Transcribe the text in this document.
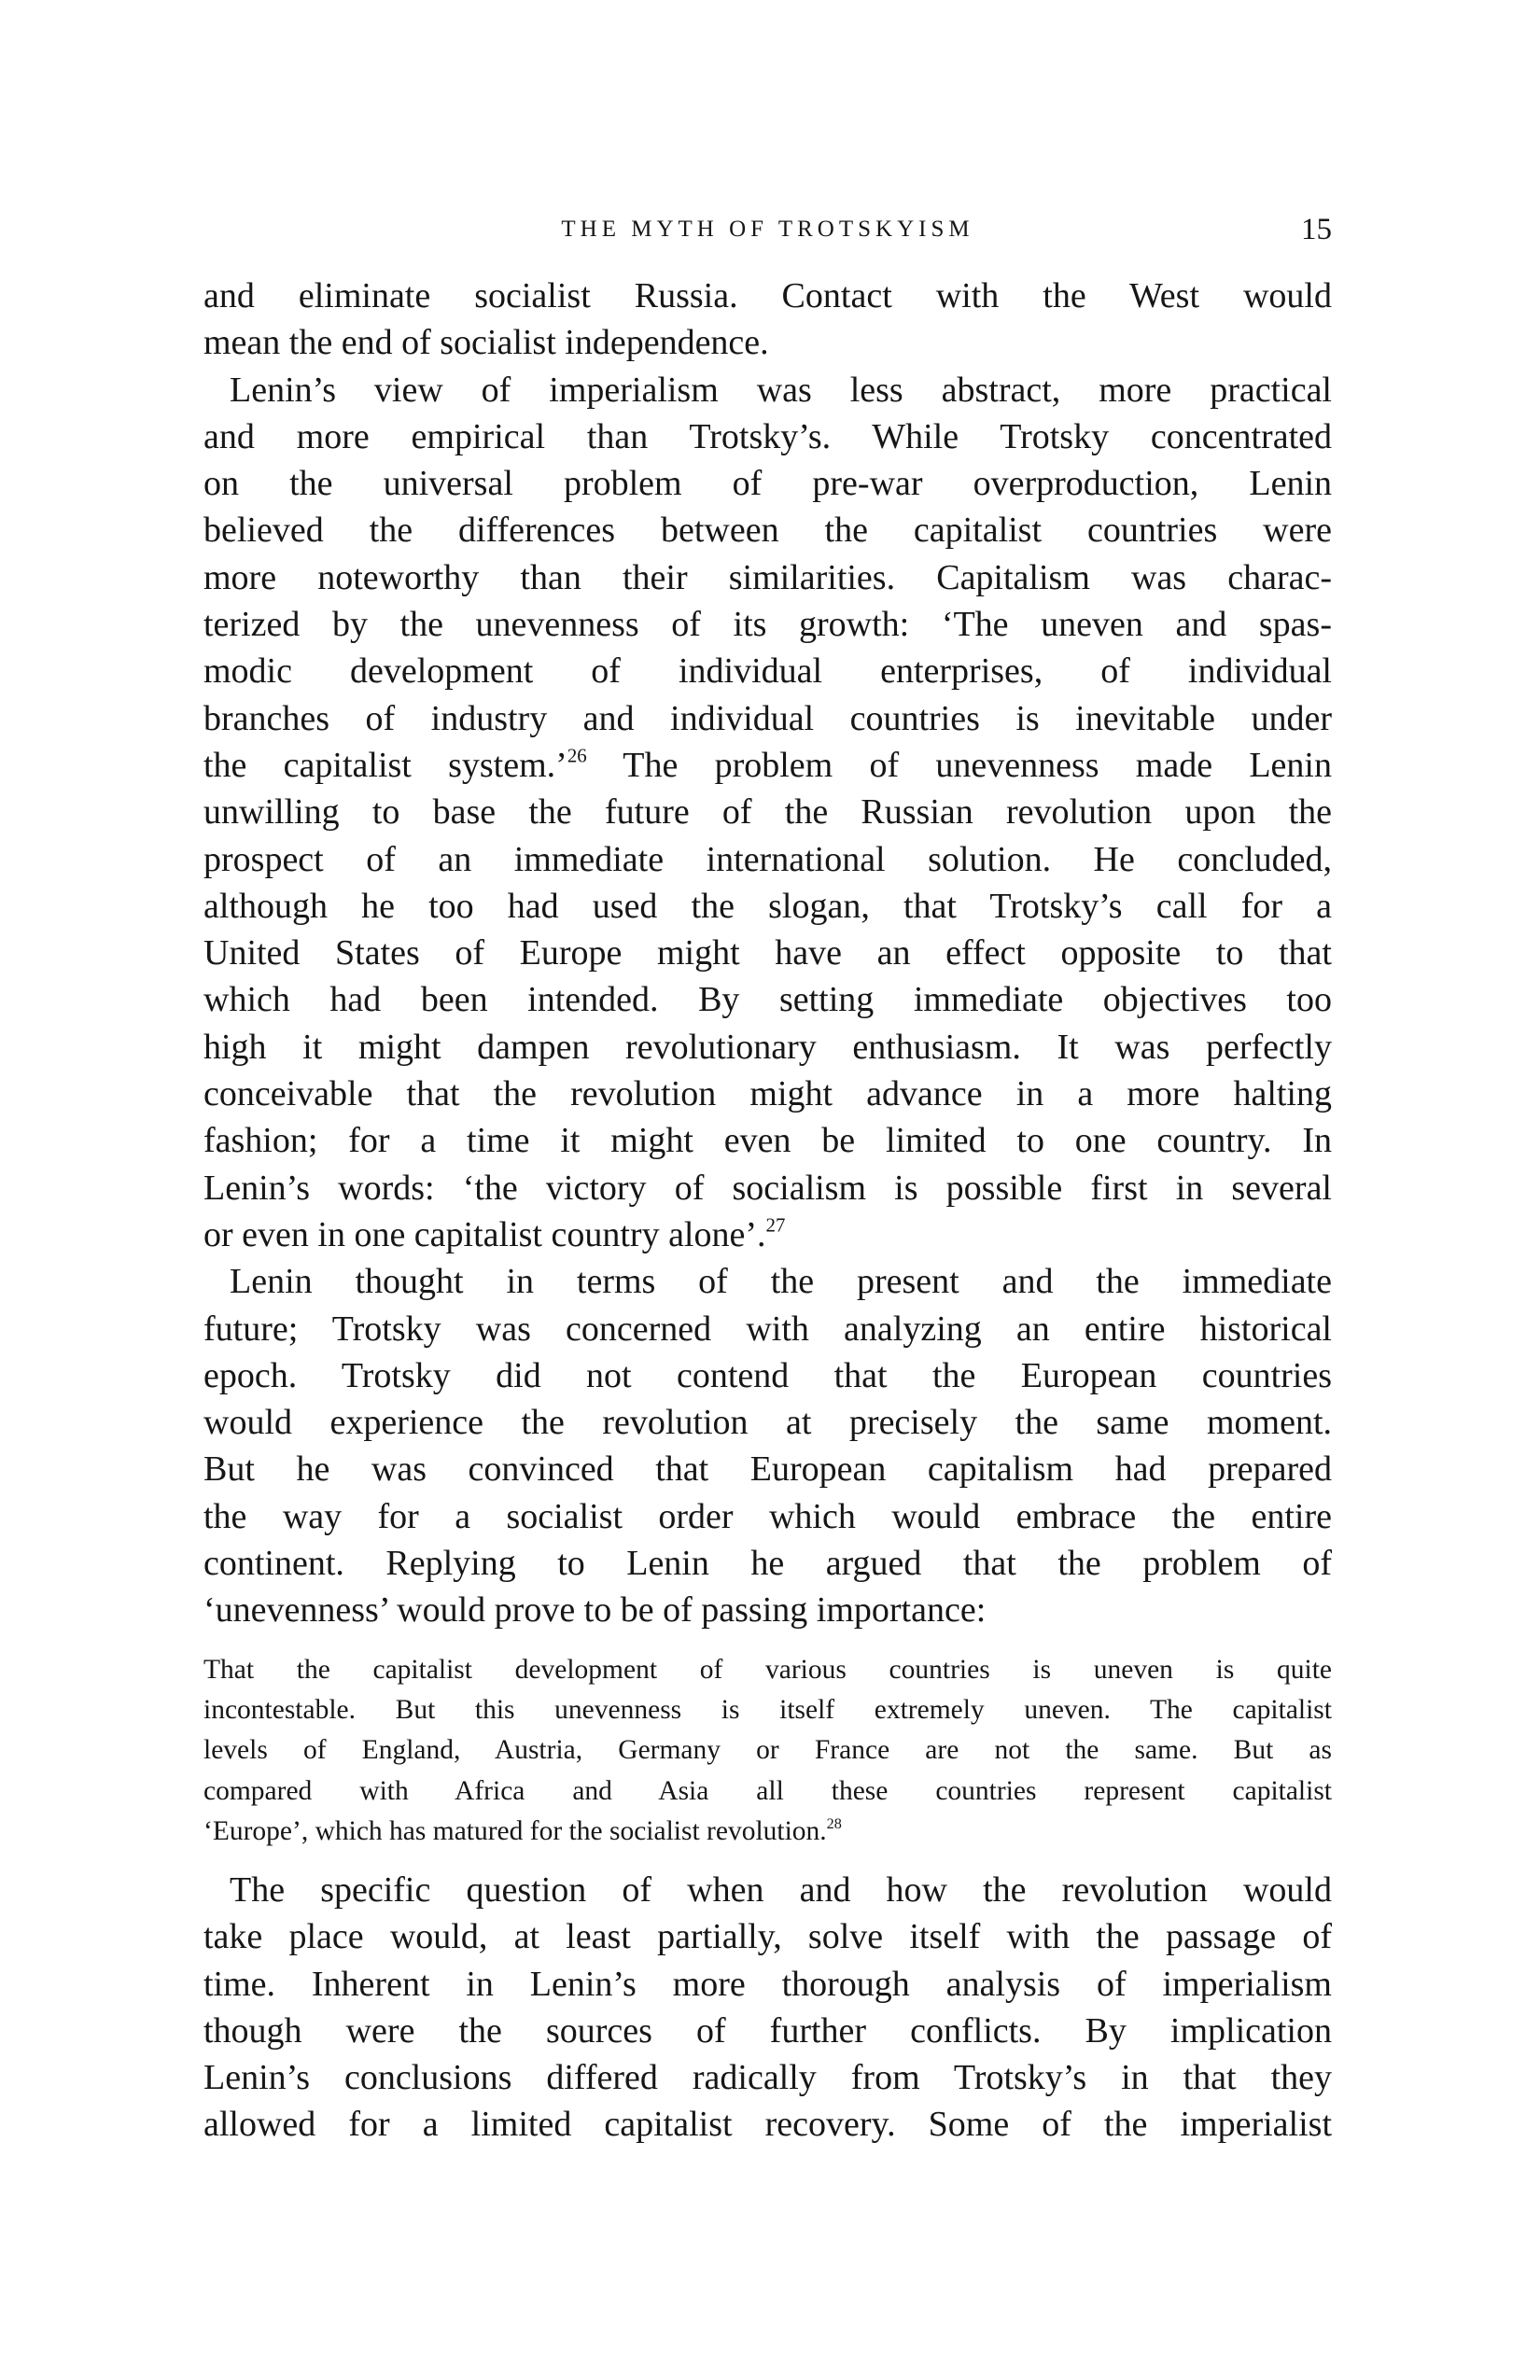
THE MYTH OF TROTSKYISM	15
and eliminate socialist Russia. Contact with the West would
mean the end of socialist independence.
Lenin’s view of imperialism was less abstract, more practical
and more empirical than Trotsky’s. While Trotsky concentrated
on the universal problem of pre-war overproduction, Lenin
believed the differences between the capitalist countries were
more noteworthy than their similarities. Capitalism was charac-
terized by the unevenness of its growth: ‘The uneven and spas-
modic development of individual enterprises, of individual
branches of industry and individual countries is inevitable under
the capitalist system.’$^{26}$ The problem of unevenness made Lenin
unwilling to base the future of the Russian revolution upon the
prospect of an immediate international solution. He concluded,
although he too had used the slogan, that Trotsky’s call for a
United States of Europe might have an effect opposite to that
which had been intended. By setting immediate objectives too
high it might dampen revolutionary enthusiasm. It was perfectly
conceivable that the revolution might advance in a more halting
fashion; for a time it might even be limited to one country. In
Lenin’s words: ‘the victory of socialism is possible first in several
or even in one capitalist country alone’.$^{27}$
Lenin thought in terms of the present and the immediate
future; Trotsky was concerned with analyzing an entire historical
epoch. Trotsky did not contend that the European countries
would experience the revolution at precisely the same moment.
But he was convinced that European capitalism had prepared
the way for a socialist order which would embrace the entire
continent. Replying to Lenin he argued that the problem of
‘unevenness’ would prove to be of passing importance:
That the capitalist development of various countries is uneven is quite
incontestable. But this unevenness is itself extremely uneven. The capitalist
levels of England, Austria, Germany or France are not the same. But as
compared with Africa and Asia all these countries represent capitalist
‘Europe’, which has matured for the socialist revolution.$^{28}$
The specific question of when and how the revolution would
take place would, at least partially, solve itself with the passage of
time. Inherent in Lenin’s more thorough analysis of imperialism
though were the sources of further conflicts. By implication
Lenin’s conclusions differed radically from Trotsky’s in that they
allowed for a limited capitalist recovery. Some of the imperialist
